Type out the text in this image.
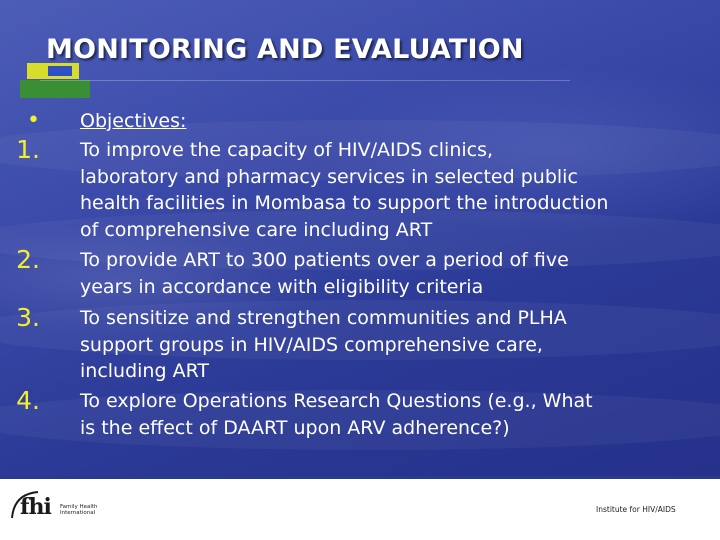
MONITORING AND EVALUATION
• Objectives:
1. To improve the capacity of HIV/AIDS clinics,
laboratory and pharmacy services in selected public
health facilities in Mombasa to support the introduction
of comprehensive care including ART
2. To provide ART to 300 patients over a period of five
years in accordance with eligibility criteria
3. To sensitize and strengthen communities and PLHA
support groups in HIV/AIDS comprehensive care,
including ART
4. To explore Operations Research Questions (e.g., What
is the effect of DAART upon ARV adherence?)
fhi Family Health
International	Institute for HIV/AIDS
